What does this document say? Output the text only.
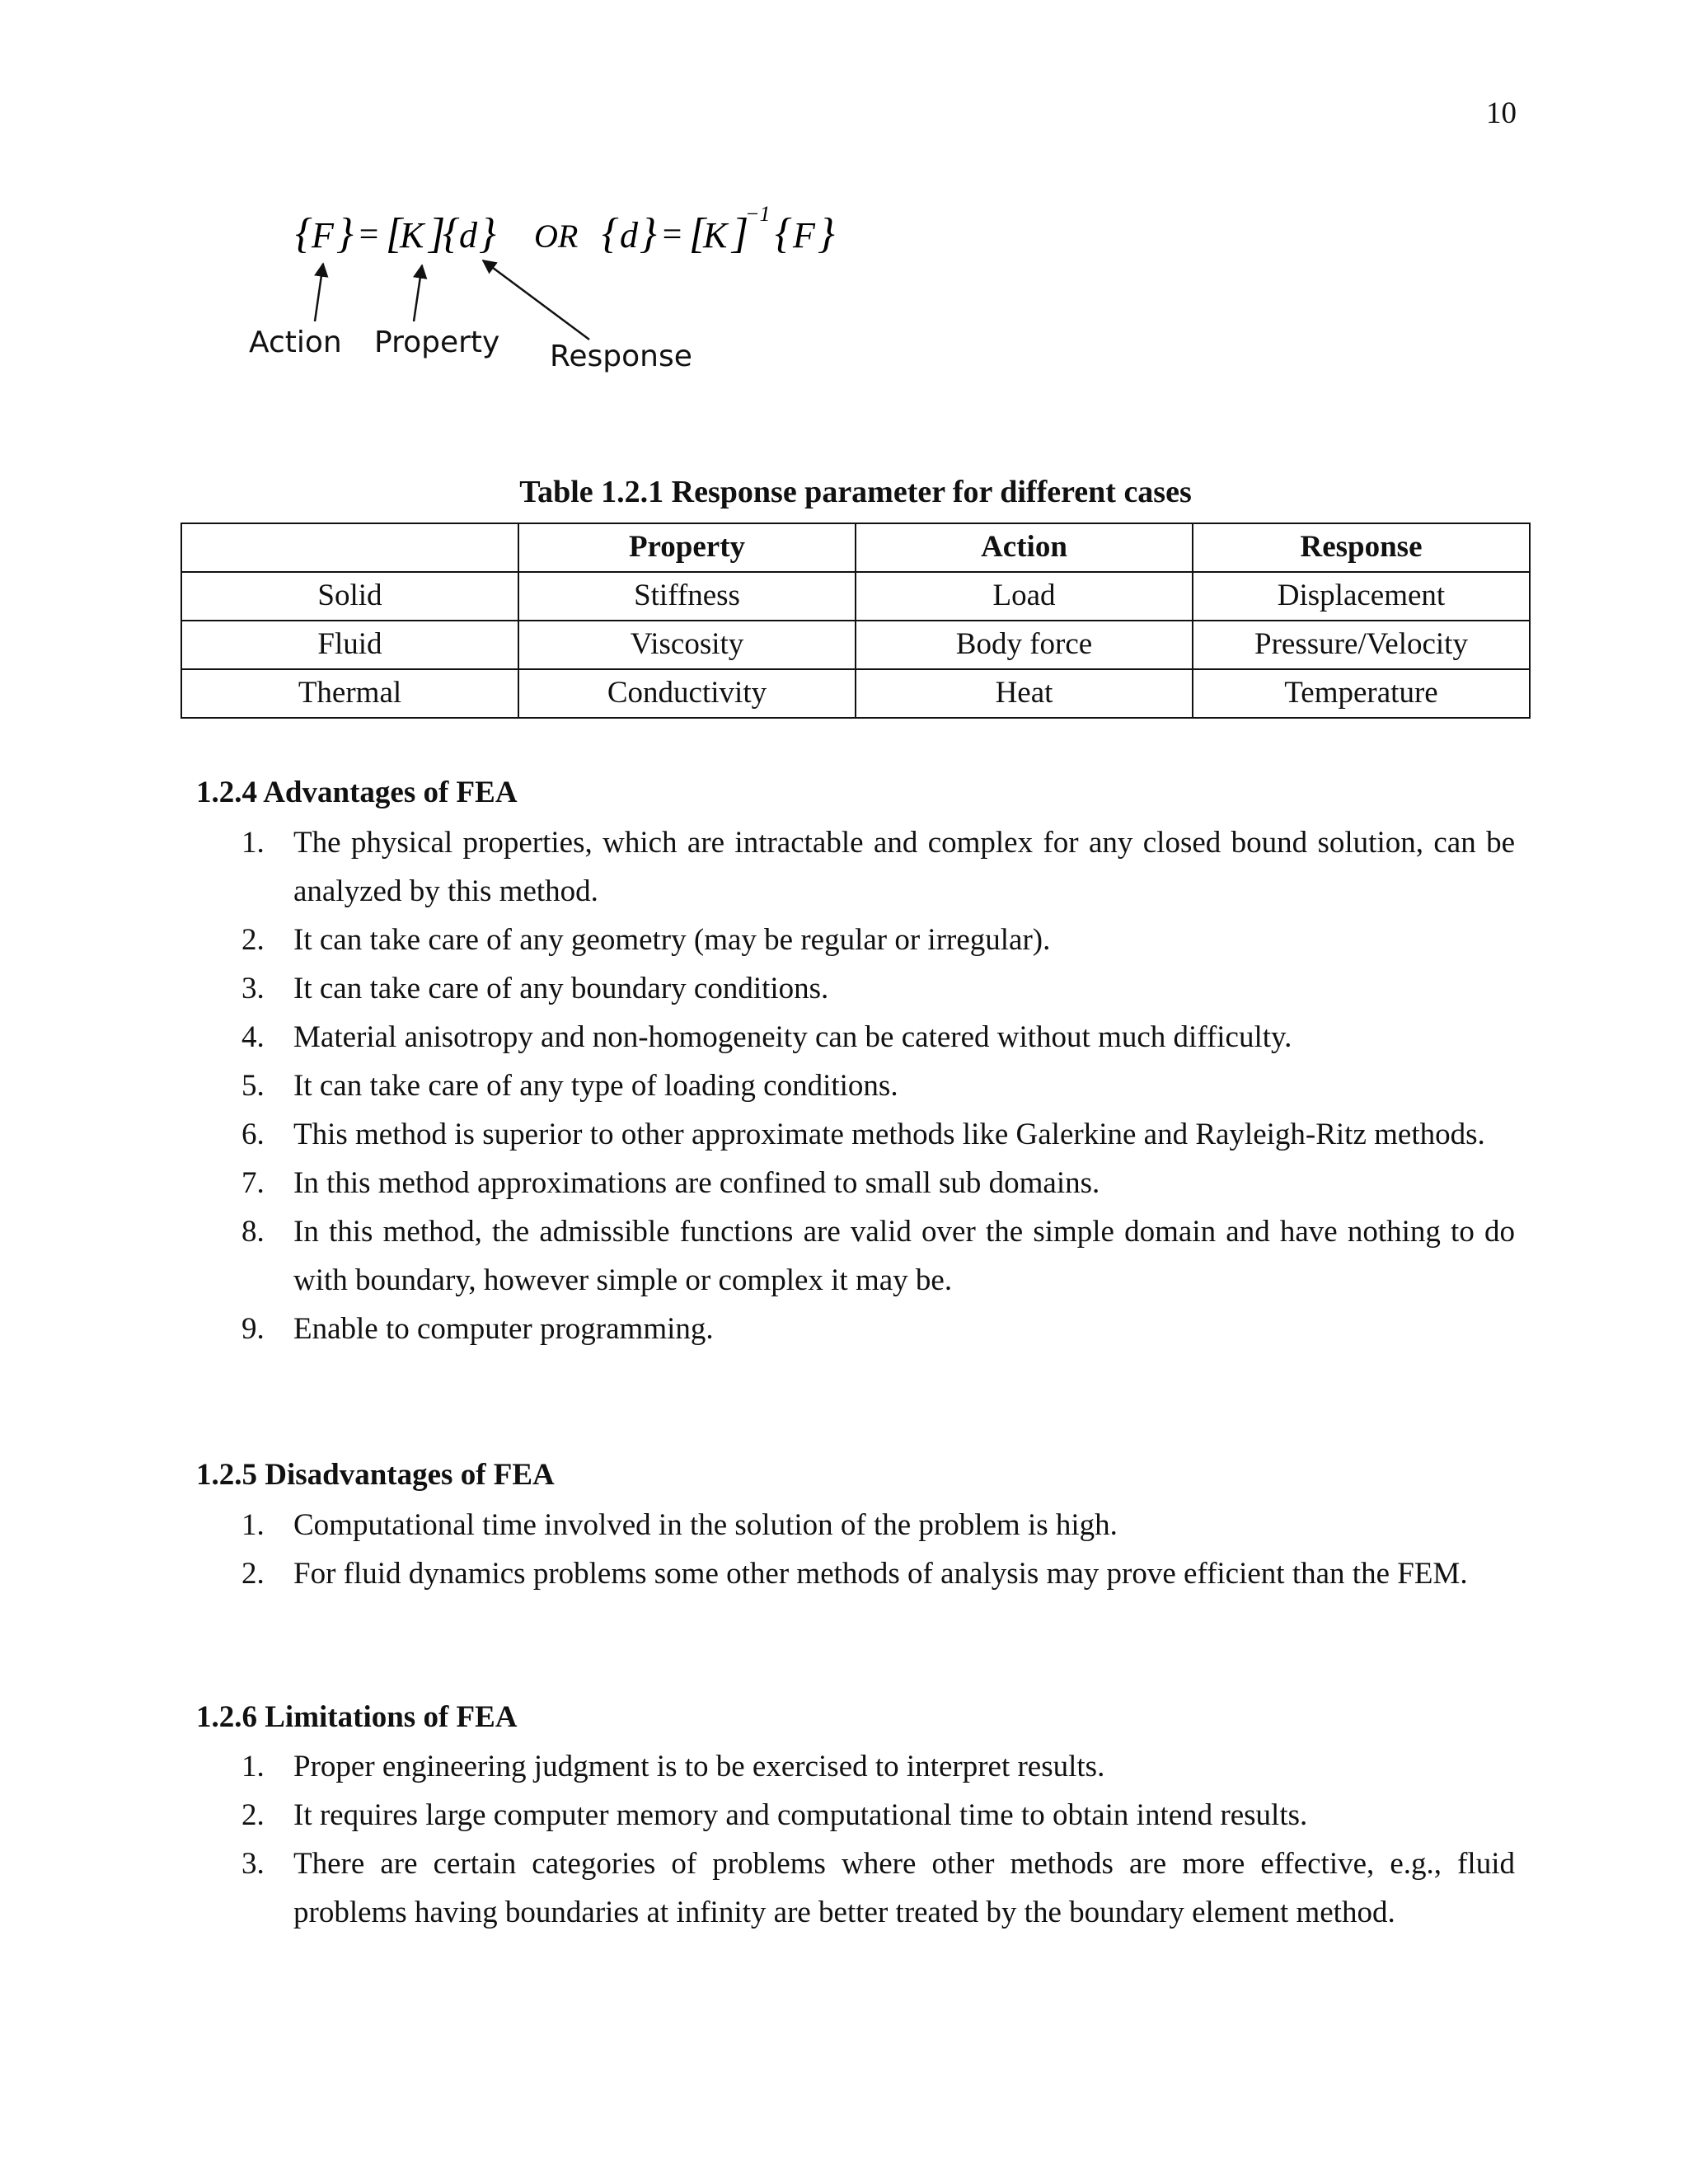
10
{ F } = [
K ]
{ d } OR { d } = [
K ]
−1 { F }
Action Property Response
Table 1.2.1 Response parameter for different cases
	Property	Action	Response
Solid	Stiffness	Load	Displacement
Fluid	Viscosity	Body force	Pressure/Velocity
Thermal	Conductivity	Heat	Temperature
1.2.4 Advantages of FEA
1. The physical properties, which are intractable and complex for any closed bound solution, can be analyzed by this method.
2. It can take care of any geometry (may be regular or irregular).
3. It can take care of any boundary conditions.
4. Material anisotropy and non-homogeneity can be catered without much difficulty.
5. It can take care of any type of loading conditions.
6. This method is superior to other approximate methods like Galerkine and Rayleigh-Ritz methods.
7. In this method approximations are confined to small sub domains.
8. In this method, the admissible functions are valid over the simple domain and have nothing to do with boundary, however simple or complex it may be.
9. Enable to computer programming.
1.2.5 Disadvantages of FEA
1. Computational time involved in the solution of the problem is high.
2. For fluid dynamics problems some other methods of analysis may prove efficient than the FEM.
1.2.6 Limitations of FEA
1. Proper engineering judgment is to be exercised to interpret results.
2. It requires large computer memory and computational time to obtain intend results.
3. There are certain categories of problems where other methods are more effective, e.g., fluid problems having boundaries at infinity are better treated by the boundary element method.
